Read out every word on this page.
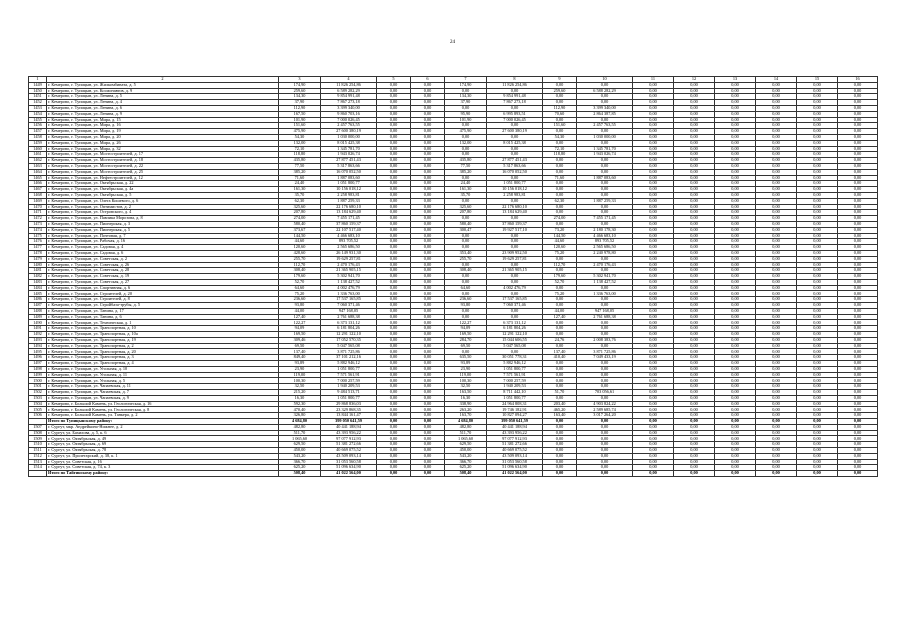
24
1	2	3	4	5	6	7	8	9	10	11	12	13	14	15	16
1449	г. Кемерово, г. Тупицын, ул. Жилкомбината, д. 5	174,90	11 826 254,86	0,00	0,00	174,90	11 826 254,86	0,00	0,00	0,00	0,00	0,00	0,00	0,00	0,00
1450	г. Кемерово, г. Тупицын, ул. Космонавтов, д. 9	259,60	6 589 282,29	0,00	0,00	0,00	0,00	259,60	6 588 282,29	0,00	0,00	0,00	0,00	0,00	0,00
1451	г. Кемерово, г. Тупицын, ул. Ленина, д. 5	134,30	9 854 991,48	0,00	0,00	134,30	9 854 991,48	0,00	0,00	0,00	0,00	0,00	0,00	0,00	0,00
1452	г. Кемерово, г. Тупицын, ул. Ленина, д. 4	37,90	7 867 273,18	0,00	0,00	37,90	7 867 273,18	0,00	0,00	0,00	0,00	0,00	0,00	0,00	0,00
1453	г. Кемерово, г. Тупицын, ул. Ленина, д. 6	112,90	3 399 340,00	0,00	0,00	0,00	0,00	112,90	3 399 340,00	0,00	0,00	0,00	0,00	0,00	0,00
1454	г. Кемерово, г. Тупицын, ул. Ленина, д. 9	167,50	9 860 703,16	0,00	0,00	95,90	6 995 893,51	70,60	2 864 387,85	0,00	0,00	0,00	0,00	0,00	0,00
1455	г. Кемерово, г. Тупицын, ул. Мира, д. 15	101,90	7 000 026,45	0,00	0,00	101,90	7 000 026,45	0,00	0,00	0,00	0,00	0,00	0,00	0,00	0,00
1456	г. Кемерово, г. Тупицын, ул. Мира, д. 16	151,60	2 457 763,55	0,00	0,00	0,00	0,00	151,60	2 457 763,55	0,00	0,00	0,00	0,00	0,00	0,00
1457	г. Кемерово, г. Тупицын, ул. Мира, д. 19	475,90	27 600 380,19	0,00	0,00	475,90	27 600 380,19	0,00	0,00	0,00	0,00	0,00	0,00	0,00	0,00
1458	г. Кемерово, г. Тупицын, ул. Мира, д. 20	54,30	1 030 000,00	0,00	0,00	0,00	0,00	54,30	1 030 000,00	0,00	0,00	0,00	0,00	0,00	0,00
1459	г. Кемерово, г. Тупицын, ул. Мира, д. 26	132,00	8 015 425,38	0,00	0,00	132,00	8 015 425,38	0,00	0,00	0,00	0,00	0,00	0,00	0,00	0,00
1460	г. Кемерово, г. Тупицын, ул. Мира, д. 32	72,10	1 345 781,70	0,00	0,00	0,00	0,00	72,10	1 345 781,70	0,00	0,00	0,00	0,00	0,00	0,00
1461	г. Кемерово, г. Тупицын, ул. Мостостроителей, д. 17	118,80	1 943 026,74	0,00	0,00	0,00	0,00	118,80	1 943 026,74	0,00	0,00	0,00	0,00	0,00	0,00
1462	г. Кемерово, г. Тупицын, ул. Мостостроителей, д. 18	435,80	27 877 451,43	0,00	0,00	435,80	27 877 451,43	0,00	0,00	0,00	0,00	0,00	0,00	0,00	0,00
1463	г. Кемерово, г. Тупицын, ул. Мостостроителей, д. 22	77,50	5 317 863,66	0,00	0,00	77,50	5 317 863,66	0,00	0,00	0,00	0,00	0,00	0,00	0,00	0,00
1464	г. Кемерово, г. Тупицын, ул. Мостостроителей, д. 25	385,20	16 070 052,50	0,00	0,00	385,20	16 070 052,50	0,00	0,00	0,00	0,00	0,00	0,00	0,00	0,00
1465	г. Кемерово, г. Тупицын, ул. Нефтестроителей, д. 12	71,60	1 887 083,60	0,00	0,00	0,00	0,00	71,60	1 887 083,60	0,00	0,00	0,00	0,00	0,00	0,00
1466	г. Кемерово, г. Тупицын, ул. Октябрьская, д. 22	24,40	1 051 800,77	0,00	0,00	24,40	1 051 800,77	0,00	0,00	0,00	0,00	0,00	0,00	0,00	0,00
1467	г. Кемерово, г. Тупицын, ул. Октябрьская, д. 4а	161,30	10 156 018,12	0,00	0,00	161,30	10 156 018,12	0,00	0,00	0,00	0,00	0,00	0,00	0,00	0,00
1468	г. Кемерово, г. Тупицын, ул. Октябрьская, д. 5	35,70	2 258 983,81	0,00	0,00	35,70	2 258 983,81	0,00	0,00	0,00	0,00	0,00	0,00	0,00	0,00
1469	г. Кемерово, г. Тупицын, ул. Олега Кошевого, д. 6	62,30	1 887 259,33	0,00	0,00	0,00	0,00	62,30	1 887 259,33	0,00	0,00	0,00	0,00	0,00	0,00
1470	г. Кемерово, г. Тупицын, ул. Оптимистов, д. 2	325,60	22 176 680,10	0,00	0,00	325,60	22 176 680,10	0,00	0,00	0,00	0,00	0,00	0,00	0,00	0,00
1471	г. Кемерово, г. Тупицын, ул. Островского, д. 4	207,80	13 184 629,40	0,00	0,00	207,80	13 184 629,40	0,00	0,00	0,00	0,00	0,00	0,00	0,00	0,00
1472	г. Кемерово, г. Тупицын, ул. Павлика Морозова, д. 8	274,00	7 455 171,45	0,00	0,00	0,00	0,00	274,00	7 455 171,45	0,00	0,00	0,00	0,00	0,00	0,00
1473	г. Кемерово, г. Тупицын, ул. Пионерская, д. 3	580,40	37 860 159,37	0,00	0,00	580,40	37 860 159,37	0,00	0,00	0,00	0,00	0,00	0,00	0,00	0,00
1474	г. Кемерово, г. Тупицын, ул. Пионерская, д. 5	373,67	22 107 517,40	0,00	0,00	300,47	19 927 517,10	73,20	2 180 178,30	0,00	0,00	0,00	0,00	0,00	0,00
1475	г. Кемерово, г. Тупицын, ул. Почтовая, д. 7	144,50	4 466 683,10	0,00	0,00	0,00	0,00	144,50	4 466 683,10	0,00	0,00	0,00	0,00	0,00	0,00
1476	г. Кемерово, г. Тупицын, ул. Рабочая, д. 16	44,60	893 705,52	0,00	0,00	0,00	0,00	44,60	893 705,52	0,00	0,00	0,00	0,00	0,00	0,00
1477	г. Кемерово, г. Тупицын, ул. Садовая, д. 4	120,60	2 565 686,50	0,00	0,00	0,00	0,00	120,60	2 565 686,50	0,00	0,00	0,00	0,00	0,00	0,00
1478	г. Кемерово, г. Тупицын, ул. Садовая, д. 6	428,60	26 149 931,30	0,00	0,00	353,40	23 909 952,50	75,20	2 240 978,80	0,00	0,00	0,00	0,00	0,00	0,00
1479	г. Кемерово, г. Тупицын, ул. Советская, д. 2	255,70	19 629 257,81	0,00	0,00	255,70	19 629 257,81	0,00	0,00	0,00	0,00	0,00	0,00	0,00	0,00
1480	г. Кемерово, г. Тупицын, ул. Советская, д. 26	112,70	2 470 176,43	0,00	0,00	0,00	0,00	112,70	2 470 176,43	0,00	0,00	0,00	0,00	0,00	0,00
1481	г. Кемерово, г. Тупицын, ул. Советская, д. 28	308,40	21 365 905,15	0,00	0,00	308,40	21 365 905,15	0,00	0,00	0,00	0,00	0,00	0,00	0,00	0,00
1482	г. Кемерово, г. Тупицын, ул. Советская, д. 19	179,60	5 302 941,70	0,00	0,00	0,00	0,00	179,60	5 302 941,70	0,00	0,00	0,00	0,00	0,00	0,00
1483	г. Кемерово, г. Тупицын, ул. Советская, д. 27	52,70	1 138 427,52	0,00	0,00	0,00	0,00	52,70	1 138 427,52	0,00	0,00	0,00	0,00	0,00	0,00
1484	г. Кемерово, г. Тупицын, ул. Спортивная, д. 6	64,60	4 002 476,79	0,00	0,00	64,60	4 002 476,79	0,00	0,00	0,00	0,00	0,00	0,00	0,00	0,00
1485	г. Кемерово, г. Тупицын, ул. Строителей, д. 20	75,20	1 336 763,00	0,00	0,00	0,00	0,00	75,20	1 336 763,00	0,00	0,00	0,00	0,00	0,00	0,00
1486	г. Кемерово, г. Тупицын, ул. Строителей, д. 8	236,60	17 537 165,85	0,00	0,00	236,60	17 537 165,85	0,00	0,00	0,00	0,00	0,00	0,00	0,00	0,00
1487	г. Кемерово, г. Тупицын, ул. Стройбаза-трубы, д. 5	93,80	7 060 371,46	0,00	0,00	93,80	7 060 371,46	0,00	0,00	0,00	0,00	0,00	0,00	0,00	0,00
1488	г. Кемерово, г. Тупицын, ул. Танина, д. 17	44,00	947 168,05	0,00	0,00	0,00	0,00	44,00	947 168,05	0,00	0,00	0,00	0,00	0,00	0,00
1489	г. Кемерово, г. Тупицын, ул. Танина, д. 6	127,40	2 761 688,38	0,00	0,00	0,00	0,00	127,40	2 761 688,38	0,00	0,00	0,00	0,00	0,00	0,00
1490	г. Кемерово, г. Тупицын, ул. Техническая, д. 1	122,27	6 373 131,12	0,00	0,00	122,27	6 373 131,12	0,00	0,00	0,00	0,00	0,00	0,00	0,00	0,00
1491	г. Кемерово, г. Тупицын, ул. Транспортная, д. 10	94,09	6 181 804,26	0,00	0,00	94,09	6 181 804,26	0,00	0,00	0,00	0,00	0,00	0,00	0,00	0,00
1492	г. Кемерово, г. Тупицын, ул. Транспортная, д. 10а	169,50	12 291 122,10	0,00	0,00	169,50	12 291 122,10	0,00	0,00	0,00	0,00	0,00	0,00	0,00	0,00
1493	г. Кемерово, г. Тупицын, ул. Транспортная, д. 19	309,46	17 052 570,35	0,00	0,00	284,70	15 044 606,55	24,76	2 008 383,76	0,00	0,00	0,00	0,00	0,00	0,00
1494	г. Кемерово, г. Тупицын, ул. Транспортная, д. 2	69,50	5 047 565,08	0,00	0,00	69,50	5 047 565,08	0,00	0,00	0,00	0,00	0,00	0,00	0,00	0,00
1495	г. Кемерово, г. Тупицын, ул. Транспортная, д. 20	137,40	3 871 725,86	0,00	0,00	0,00	0,00	137,40	3 871 725,86	0,00	0,00	0,00	0,00	0,00	0,00
1496	г. Кемерово, г. Тупицын, ул. Транспортная, д. 3	849,40	37 101 212,16	0,00	0,00	635,50	30 051 778,31	410,40	7 049 433,19	0,00	0,00	0,00	0,00	0,00	0,00
1497	г. Кемерово, г. Тупицын, ул. Транспортная, д. 4	93,89	5 882 946,12	0,00	0,00	93,89	5 882 946,12	0,00	0,00	0,00	0,00	0,00	0,00	0,00	0,00
1498	г. Кемерово, г. Тупицын, ул. Угольная, д. 10	23,90	1 051 800,77	0,00	0,00	23,90	1 051 800,77	0,00	0,00	0,00	0,00	0,00	0,00	0,00	0,00
1499	г. Кемерово, г. Тупицын, ул. Угольная, д. 11	119,00	7 571 561,91	0,00	0,00	119,00	7 571 561,91	0,00	0,00	0,00	0,00	0,00	0,00	0,00	0,00
1500	г. Кемерово, г. Тупицын, ул. Угольная, д. 5	100,30	7 000 257,59	0,00	0,00	100,30	7 000 257,59	0,00	0,00	0,00	0,00	0,00	0,00	0,00	0,00
1501	г. Кемерово, г. Тупицын, ул. Чапаевская, д. 11	32,50	1 940 209,53	0,00	0,00	32,50	1 940 209,53	0,00	0,00	0,00	0,00	0,00	0,00	0,00	0,00
1502	г. Кемерово, г. Тупицын, ул. Чапаевская, д. 7	215,20	9 484 513,71	0,00	0,00	163,50	8 711 442,10	51,70	703 056,61	0,00	0,00	0,00	0,00	0,00	0,00
1503	г. Кемерово, г. Тупицын, ул. Чапаевская, д. 9	16,30	1 051 800,77	0,00	0,00	16,30	1 051 800,77	0,00	0,00	0,00	0,00	0,00	0,00	0,00	0,00
1504	г. Кемерово, г. Большой Камень, ул. Геологическая, д. 16	592,30	29 868 836,03	0,00	0,00	338,90	24 964 808,31	203,40	4 903 824,22	0,00	0,00	0,00	0,00	0,00	0,00
1505	г. Кемерово, г. Большой Камень, ул. Геологическая, д. 8	470,40	23 329 868,35	0,00	0,00	263,20	19 746 182,91	465,20	2 589 685,74	0,00	0,00	0,00	0,00	0,00	0,00
1506	г. Кемерово, г. Большой Камень, ул. Танкера, д. 2	326,80	13 844 161,47	0,00	0,00	163,70	10 827 094,27	163,40	3 017 264,20	0,00	0,00	0,00	0,00	0,00	0,00
	Итого по Тупицынскому району:	4 684,80	399 050 641,59	0,00	0,00	4 684,80	399 050 641,59	0,00	0,00	0,00	0,00	0,00	0,00	0,00	0,00
1507	г. Сургут, мкр. Андрейкино-Нижнее, д. 2	482,80	40 441 188,94	0,00	0,00	482,80	40 441 188,94	0,00	0,00	0,00	0,00	0,00	0,00	0,00	0,00
1508	г. Сургут, ул. Бахилова, д. 5, к. 6	511,70	43 393 956,22	0,00	0,00	511,70	43 393 956,22	0,00	0,00	0,00	0,00	0,00	0,00	0,00	0,00
1509	г. Сургут, ул. Октябрьская, д. 49	1 065,60	97 077 912,93	0,00	0,00	1 065,60	97 077 912,93	0,00	0,00	0,00	0,00	0,00	0,00	0,00	0,00
1510	г. Сургут, ул. Октябрьская, д. 69	629,50	51 381 272,66	0,00	0,00	629,50	51 381 272,66	0,00	0,00	0,00	0,00	0,00	0,00	0,00	0,00
1511	г. Сургут, ул. Октябрьская, д. 78	450,00	40 669 075,52	0,00	0,00	450,00	40 669 075,52	0,00	0,00	0,00	0,00	0,00	0,00	0,00	0,00
1512	г. Сургут, ул. Пролетарский, д. 38, к. 1	543,20	43 509 093,14	0,00	0,00	543,20	43 509 093,14	0,00	0,00	0,00	0,00	0,00	0,00	0,00	0,00
1513	г. Сургут, ул. Советская, д. 16	366,70	31 053 560,58	0,00	0,00	366,70	31 053 560,58	0,00	0,00	0,00	0,00	0,00	0,00	0,00	0,00
1514	г. Сургут, ул. Советская, д. 74, к. 3	625,20	51 096 634,90	0,00	0,00	625,20	51 096 634,90	0,00	0,00	0,00	0,00	0,00	0,00	0,00	0,00
	Итого по Тайгинскому району:	508,40	41 022 564,00	0,00	0,00	508,40	41 022 564,00	0,00	0,00	0,00	0,00	0,00	0,00	0,00	0,00
